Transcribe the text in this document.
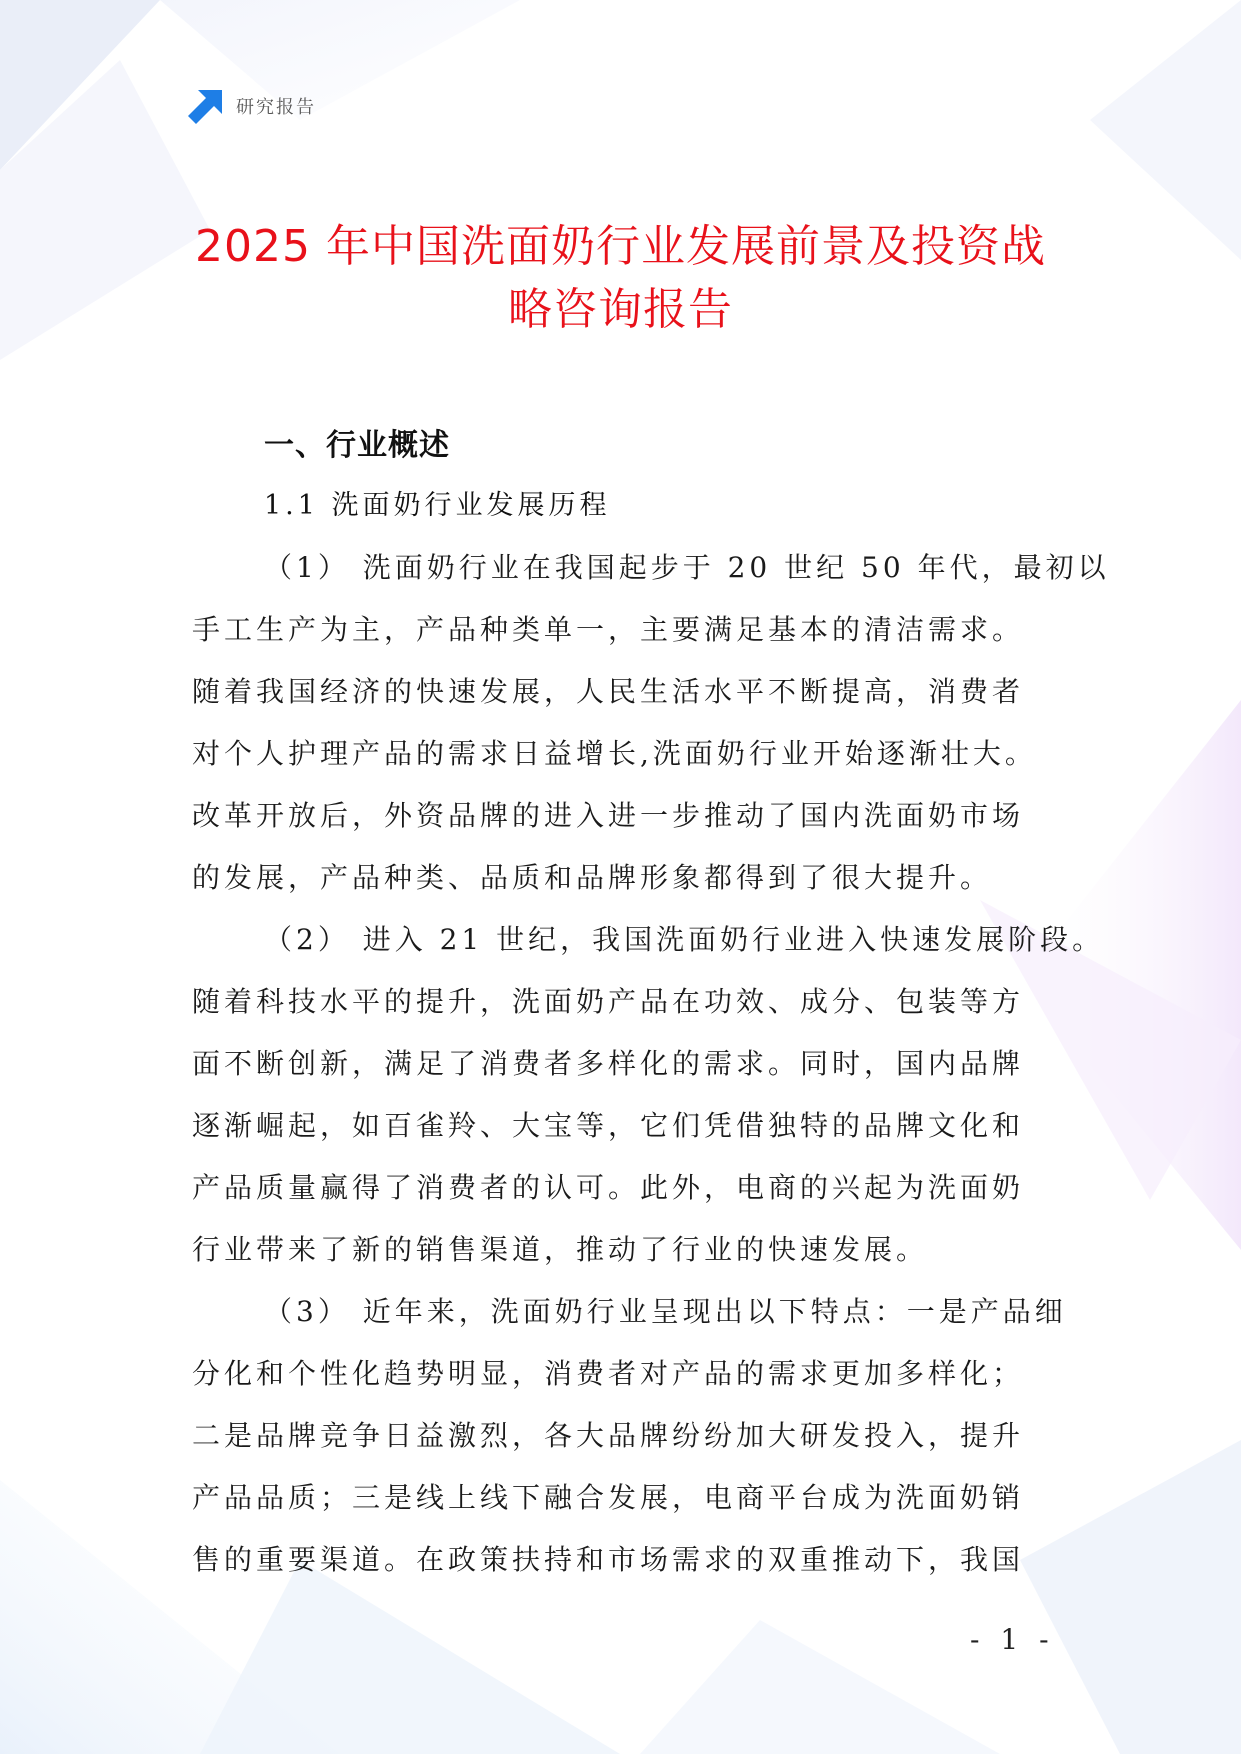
研究报告
2025 年中国洗面奶行业发展前景及投资战
略咨询报告
一、行业概述
1.1 洗面奶行业发展历程
（1） 洗面奶行业在我国起步于 20 世纪 50 年代，最初以
手工生产为主，产品种类单一，主要满足基本的清洁需求。
随着我国经济的快速发展，人民生活水平不断提高，消费者
对个人护理产品的需求日益增长,洗面奶行业开始逐渐壮大。
改革开放后，外资品牌的进入进一步推动了国内洗面奶市场
的发展，产品种类、品质和品牌形象都得到了很大提升。
（2） 进入 21 世纪，我国洗面奶行业进入快速发展阶段。
随着科技水平的提升，洗面奶产品在功效、成分、包装等方
面不断创新，满足了消费者多样化的需求。同时，国内品牌
逐渐崛起，如百雀羚、大宝等，它们凭借独特的品牌文化和
产品质量赢得了消费者的认可。此外，电商的兴起为洗面奶
行业带来了新的销售渠道，推动了行业的快速发展。
（3） 近年来，洗面奶行业呈现出以下特点：一是产品细
分化和个性化趋势明显，消费者对产品的需求更加多样化；
二是品牌竞争日益激烈，各大品牌纷纷加大研发投入，提升
产品品质；三是线上线下融合发展，电商平台成为洗面奶销
售的重要渠道。在政策扶持和市场需求的双重推动下，我国
- 1 -
